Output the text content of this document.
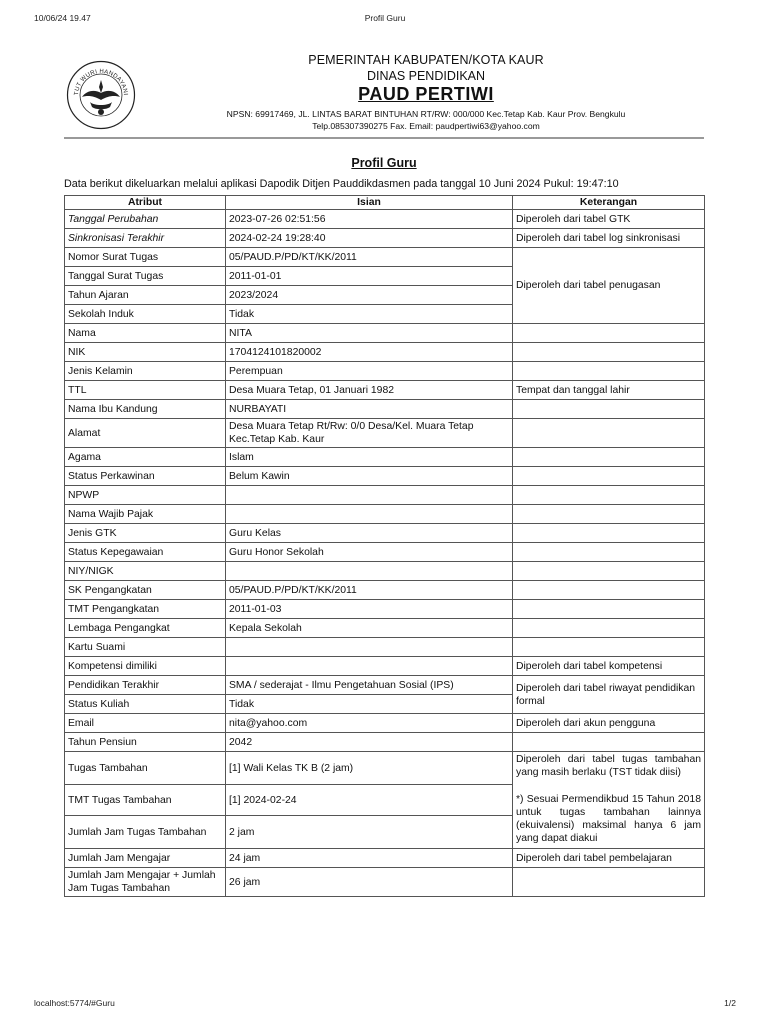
10/06/24 19.47	Profil Guru
TUT WURI HANDAYANI
PEMERINTAH KABUPATEN/KOTA KAUR
DINAS PENDIDIKAN
PAUD PERTIWI
NPSN: 69917469, JL. LINTAS BARAT BINTUHAN RT/RW: 000/000 Kec.Tetap Kab. Kaur Prov. Bengkulu
Telp.085307390275 Fax. Email: paudpertiwi63@yahoo.com
Profil Guru
Data berikut dikeluarkan melalui aplikasi Dapodik Ditjen Pauddikdasmen pada tanggal 10 Juni 2024 Pukul: 19:47:10
Atribut	Isian	Keterangan
Tanggal Perubahan	2023-07-26 02:51:56	Diperoleh dari tabel GTK
Sinkronisasi Terakhir	2024-02-24 19:28:40	Diperoleh dari tabel log sinkronisasi
Nomor Surat Tugas	05/PAUD.P/PD/KT/KK/2011	Diperoleh dari tabel penugasan
Tanggal Surat Tugas	2011-01-01	
Tahun Ajaran	2023/2024	
Sekolah Induk	Tidak	
Nama	NITA	
NIK	1704124101820002	
Jenis Kelamin	Perempuan	
TTL	Desa Muara Tetap, 01 Januari 1982	Tempat dan tanggal lahir
Nama Ibu Kandung	NURBAYATI	
Alamat	Desa Muara Tetap Rt/Rw: 0/0 Desa/Kel. Muara Tetap Kec.Tetap Kab. Kaur	
Agama	Islam	
Status Perkawinan	Belum Kawin	
NPWP		
Nama Wajib Pajak		
Jenis GTK	Guru Kelas	
Status Kepegawaian	Guru Honor Sekolah	
NIY/NIGK		
SK Pengangkatan	05/PAUD.P/PD/KT/KK/2011	
TMT Pengangkatan	2011-01-03	
Lembaga Pengangkat	Kepala Sekolah	
Kartu Suami		
Kompetensi dimiliki		Diperoleh dari tabel kompetensi
Pendidikan Terakhir	SMA / sederajat - Ilmu Pengetahuan Sosial (IPS)	Diperoleh dari tabel riwayat pendidikan formal
Status Kuliah	Tidak	
Email	nita@yahoo.com	Diperoleh dari akun pengguna
Tahun Pensiun	2042	
Tugas Tambahan	[1] Wali Kelas TK B (2 jam)	Diperoleh dari tabel tugas tambahan yang masih berlaku (TST tidak diisi)
*) Sesuai Permendikbud 15 Tahun 2018 untuk tugas tambahan lainnya (ekuivalensi) maksimal hanya 6 jam yang dapat diakui

TMT Tugas Tambahan	[1] 2024-02-24	
Jumlah Jam Tugas Tambahan	2 jam	
Jumlah Jam Mengajar	24 jam	Diperoleh dari tabel pembelajaran
Jumlah Jam Mengajar + Jumlah Jam Tugas Tambahan	26 jam	
localhost:5774/#Guru	1/2
